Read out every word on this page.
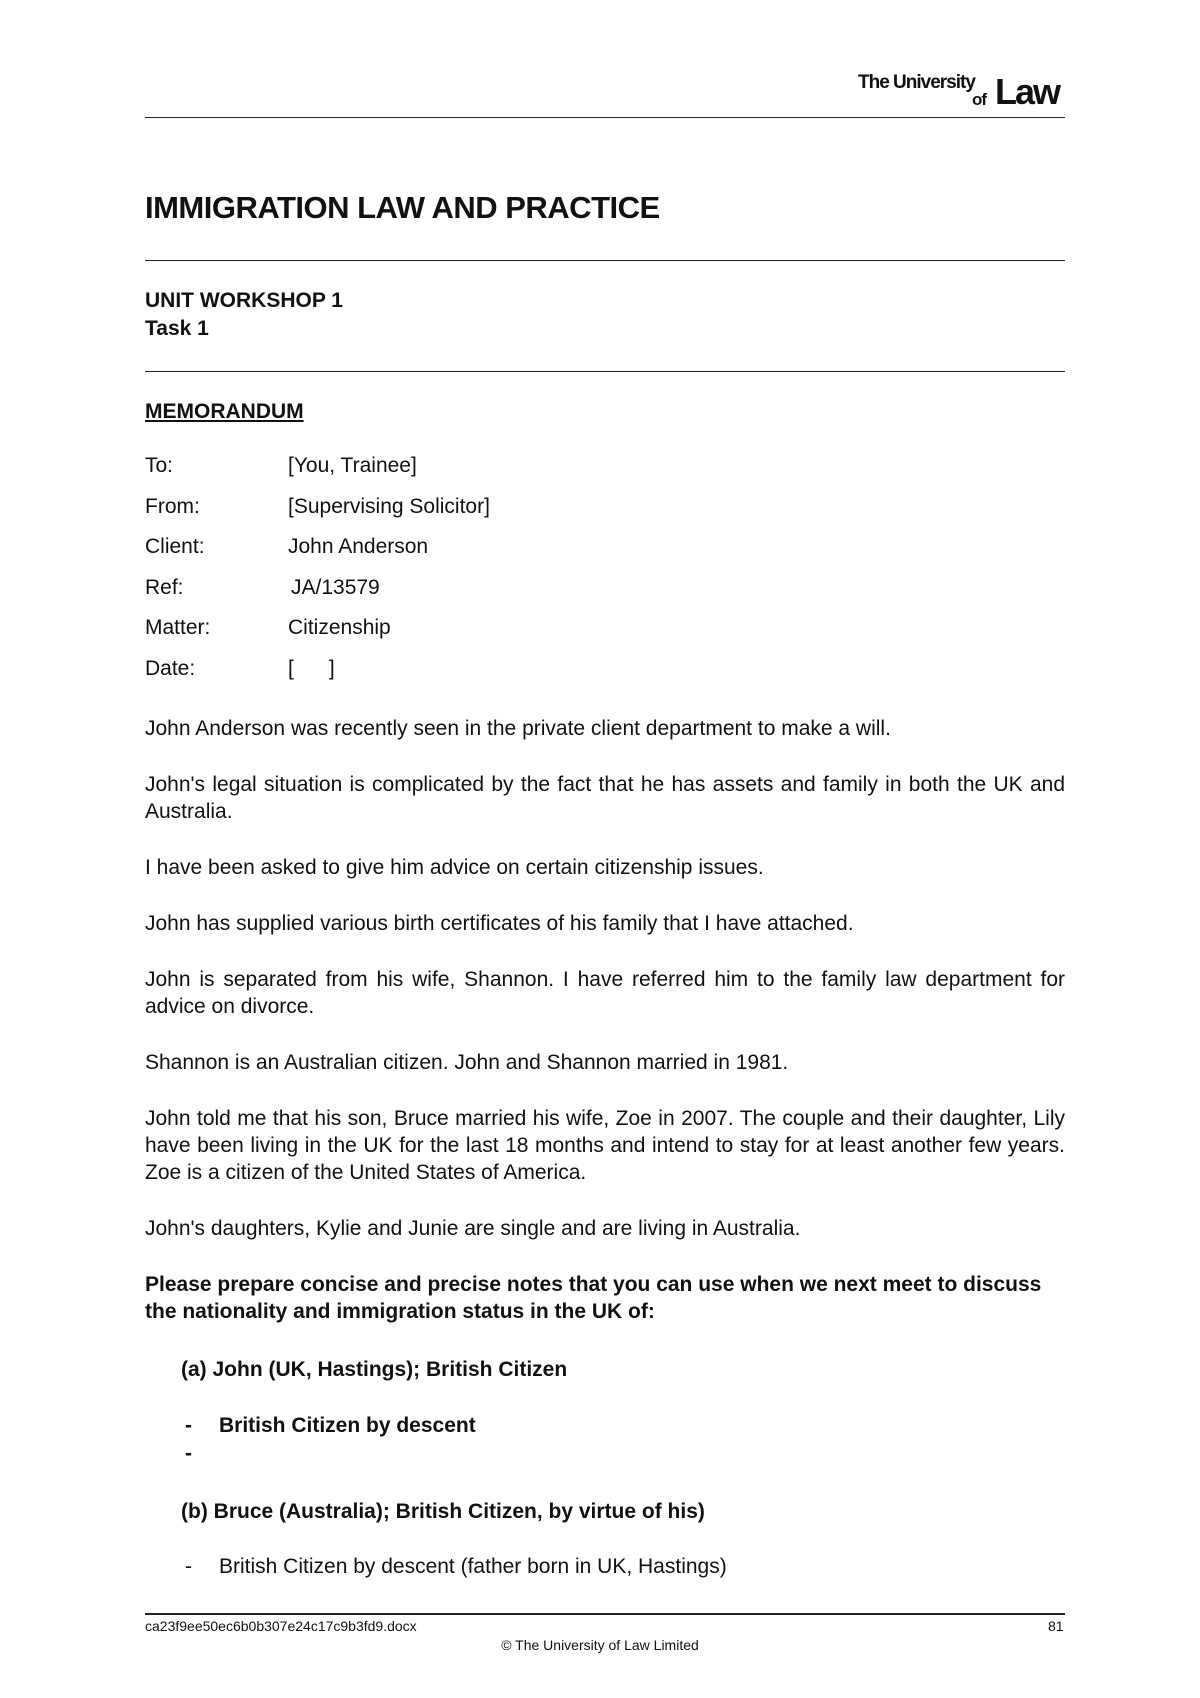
The University
of Law
IMMIGRATION LAW AND PRACTICE
UNIT WORKSHOP 1
Task 1
MEMORANDUM
To:	[You, Trainee]
From:	[Supervising Solicitor]
Client:	John Anderson
Ref:	JA/13579
Matter:	Citizenship
Date:	[      ]

John Anderson was recently seen in the private client department to make a will.

John's legal situation is complicated by the fact that he has assets and family in both the UK and Australia.

I have been asked to give him advice on certain citizenship issues.

John has supplied various birth certificates of his family that I have attached.

John is separated from his wife, Shannon. I have referred him to the family law department for advice on divorce.

Shannon is an Australian citizen. John and Shannon married in 1981.

John told me that his son, Bruce married his wife, Zoe in 2007. The couple and their daughter, Lily have been living in the UK for the last 18 months and intend to stay for at least another few years. Zoe is a citizen of the United States of America.

John's daughters, Kylie and Junie are single and are living in Australia.

Please prepare concise and precise notes that you can use when we next meet to discuss the nationality and immigration status in the UK of:

(a) John (UK, Hastings); British Citizen
- British Citizen by descent
-
(b) Bruce (Australia); British Citizen, by virtue of his)
- British Citizen by descent (father born in UK, Hastings)
ca23f9ee50ec6b0b307e24c17c9b3fd9.docx	81
© The University of Law Limited
